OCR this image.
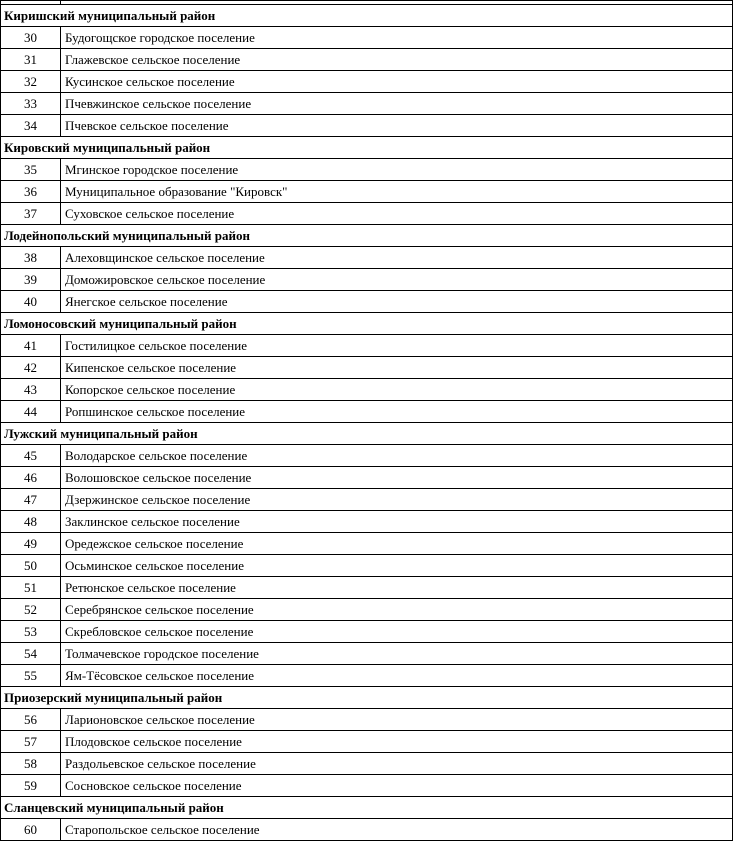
Киришский муниципальный район	
30	Будогощское городское поселение
31	Глажевское сельское поселение
32	Кусинское сельское поселение
33	Пчевжинское сельское поселение
34	Пчевское сельское поселение
Кировский муниципальный район	
35	Мгинское городское поселение
36	Муниципальное образование "Кировск"
37	Суховское сельское поселение
Лодейнопольский муниципальный район	
38	Алеховщинское сельское поселение
39	Доможировское сельское поселение
40	Янегское сельское поселение
Ломоносовский муниципальный район	
41	Гостилицкое сельское поселение
42	Кипенское сельское поселение
43	Копорское сельское поселение
44	Ропшинское сельское поселение
Лужский муниципальный район	
45	Володарское сельское поселение
46	Волошовское сельское поселение
47	Дзержинское сельское поселение
48	Заклинское сельское поселение
49	Оредежское сельское поселение
50	Осьминское сельское поселение
51	Ретюнское сельское поселение
52	Серебрянское сельское поселение
53	Скребловское сельское поселение
54	Толмачевское городское поселение
55	Ям-Тёсовское сельское поселение
Приозерский муниципальный район	
56	Ларионовское сельское поселение
57	Плодовское сельское поселение
58	Раздольевское сельское поселение
59	Сосновское сельское поселение
Сланцевский муниципальный район	
60	Старопольское сельское поселение
